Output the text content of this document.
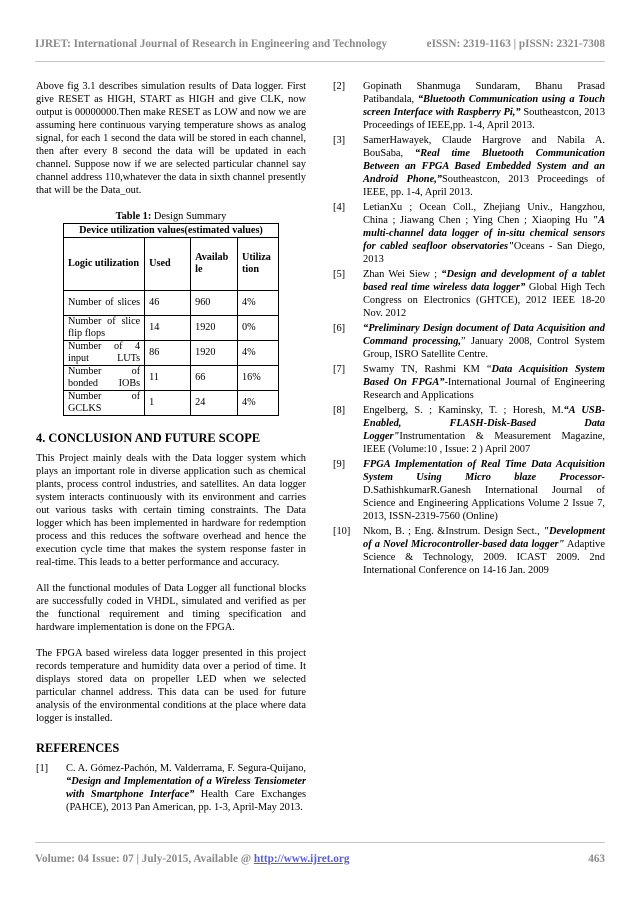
IJRET: International Journal of Research in Engineering and Technology	eISSN: 2319-1163 | pISSN: 2321-7308

Above fig 3.1 describes simulation results of Data logger. First give RESET as HIGH, START as HIGH and give CLK, now output is 00000000.Then make RESET as LOW and now we are assuming here continuous varying temperature shows as analog signal, for each 1 second the data will be stored in each channel, then after every 8 second the data will be updated in each channel. Suppose now if we are selected particular channel say channel address 110,whatever the data in sixth channel presently that will be the Data_out.

Table 1: Design Summary
Device utilization values(estimated values)			
Logic utilization	Used	Available	Utilization

Number of slices	46	960	4%
Number of slice flip flops	14	1920	0%
Number of 4 input LUTs	86	1920	4%
Number of bonded IOBs	11	66	16%
Number of GCLKS	1	24	4%
4. CONCLUSION AND FUTURE SCOPE

This Project mainly deals with the Data logger system which plays an important role in diverse application such as chemical plants, process control industries, and satellites. An data logger system interacts continuously with its environment and carries out various tasks with certain timing constraints. The Data logger which has been implemented in hardware for redemption process and this reduces the software overhead and hence the execution cycle time that makes the system response faster in real-time. This leads to a better performance and accuracy.

All the functional modules of Data Logger all functional blocks are successfully coded in VHDL, simulated and verified as per the functional requirement and timing specification and hardware implementation is done on the FPGA.

The FPGA based wireless data logger presented in this project records temperature and humidity data over a period of time. It displays stored data on propeller LED when we selected particular channel address. This data can be used for future analysis of the environmental conditions at the place where data logger is installed.

REFERENCES
[1]	C. A. Gómez-Pachón, M. Valderrama, F. Segura-Quijano, “Design and Implementation of a Wireless Tensiometer with Smartphone Interface” Health Care Exchanges (PAHCE), 2013 Pan American, pp. 1-3, April-May 2013.
[2]	Gopinath Shanmuga Sundaram, Bhanu Prasad Patibandala, “Bluetooth Communication using a Touch screen Interface with Raspberry Pi,” Southeastcon, 2013 Proceedings of IEEE,pp. 1-4, April 2013.
[3]	SamerHawayek, Claude Hargrove and Nabila A. BouSaba, “Real time Bluetooth Communication Between an FPGA Based Embedded System and an Android Phone,”Southeastcon, 2013 Proceedings of IEEE, pp. 1-4, April 2013.
[4]	LetianXu ; Ocean Coll., Zhejiang Univ., Hangzhou, China ; Jiawang Chen ; Ying Chen ; Xiaoping Hu "A multi-channel data logger of in-situ chemical sensors for cabled seafloor observatories"Oceans - San Diego, 2013
[5]	Zhan Wei Siew ; “Design and development of a tablet based real time wireless data logger” Global High Tech Congress on Electronics (GHTCE), 2012 IEEE 18-20 Nov. 2012
[6]	“Preliminary Design document of Data Acquisition and Command processing,” January 2008, Control System Group, ISRO Satellite Centre.
[7]	Swamy TN, Rashmi KM “Data Acquisition System Based On FPGA”-International Journal of Engineering Research and Applications
[8]	Engelberg, S. ; Kaminsky, T. ; Horesh, M.“A USB-Enabled, FLASH-Disk-Based Data Logger"Instrumentation & Measurement Magazine, IEEE (Volume:10 , Issue: 2 ) April 2007
[9]	FPGA Implementation of Real Time Data Acquisition System Using Micro blaze Processor- D.SathishkumarR.Ganesh International Journal of Science and Engineering Applications Volume 2 Issue 7, 2013, ISSN-2319-7560 (Online)
[10]	Nkom, B. ; Eng. &Instrum. Design Sect., "Development of a Novel Microcontroller-based data logger" Adaptive Science & Technology, 2009. ICAST 2009. 2nd International Conference on 14-16 Jan. 2009
Volume: 04 Issue: 07 | July-2015, Available @ http://www.ijret.org	463
